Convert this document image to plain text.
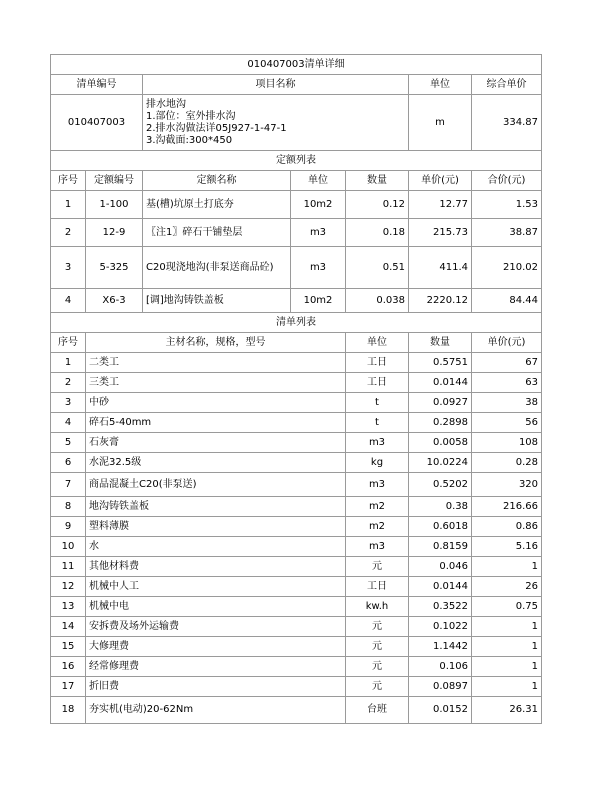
010407003清单详细							
清单编号		项目名称			单位	综合单价	
010407003		排水地沟
1.部位：室外排水沟
2.排水沟做法详05J927-1-47-1
3.沟截面:300*450			m	334.87	
定额列表							
序号	定额编号	定额名称	单位	数量	单价(元)	合价(元)	
1	1-100	基(槽)坑原土打底夯	10m2	0.12	12.77	1.53	
2	12-9	〖注1〗碎石干铺垫层	m3	0.18	215.73	38.87	
3	5-325	C20现浇地沟(非泵送商品砼)	m3	0.51	411.4	210.02	
4	X6-3	[调]地沟铸铁盖板	10m2	0.038	2220.12	84.44	
清单列表							
序号	主材名称，规格，型号			单位	数量	单价(元)	
1	二类工			工日	0.5751	67	
2	三类工			工日	0.0144	63	
3	中砂			t	0.0927	38	
4	碎石5-40mm			t	0.2898	56	
5	石灰膏			m3	0.0058	108	
6	水泥32.5级			kg	10.0224	0.28	
7	商品混凝土C20(非泵送)			m3	0.5202	320	
8	地沟铸铁盖板			m2	0.38	216.66	
9	塑料薄膜			m2	0.6018	0.86	
10	水			m3	0.8159	5.16	
11	其他材料费			元	0.046	1	
12	机械中人工			工日	0.0144	26	
13	机械中电			kw.h	0.3522	0.75	
14	安拆费及场外运输费			元	0.1022	1	
15	大修理费			元	1.1442	1	
16	经常修理费			元	0.106	1	
17	折旧费			元	0.0897	1	
18	夯实机(电动)20-62Nm			台班	0.0152	26.31	
